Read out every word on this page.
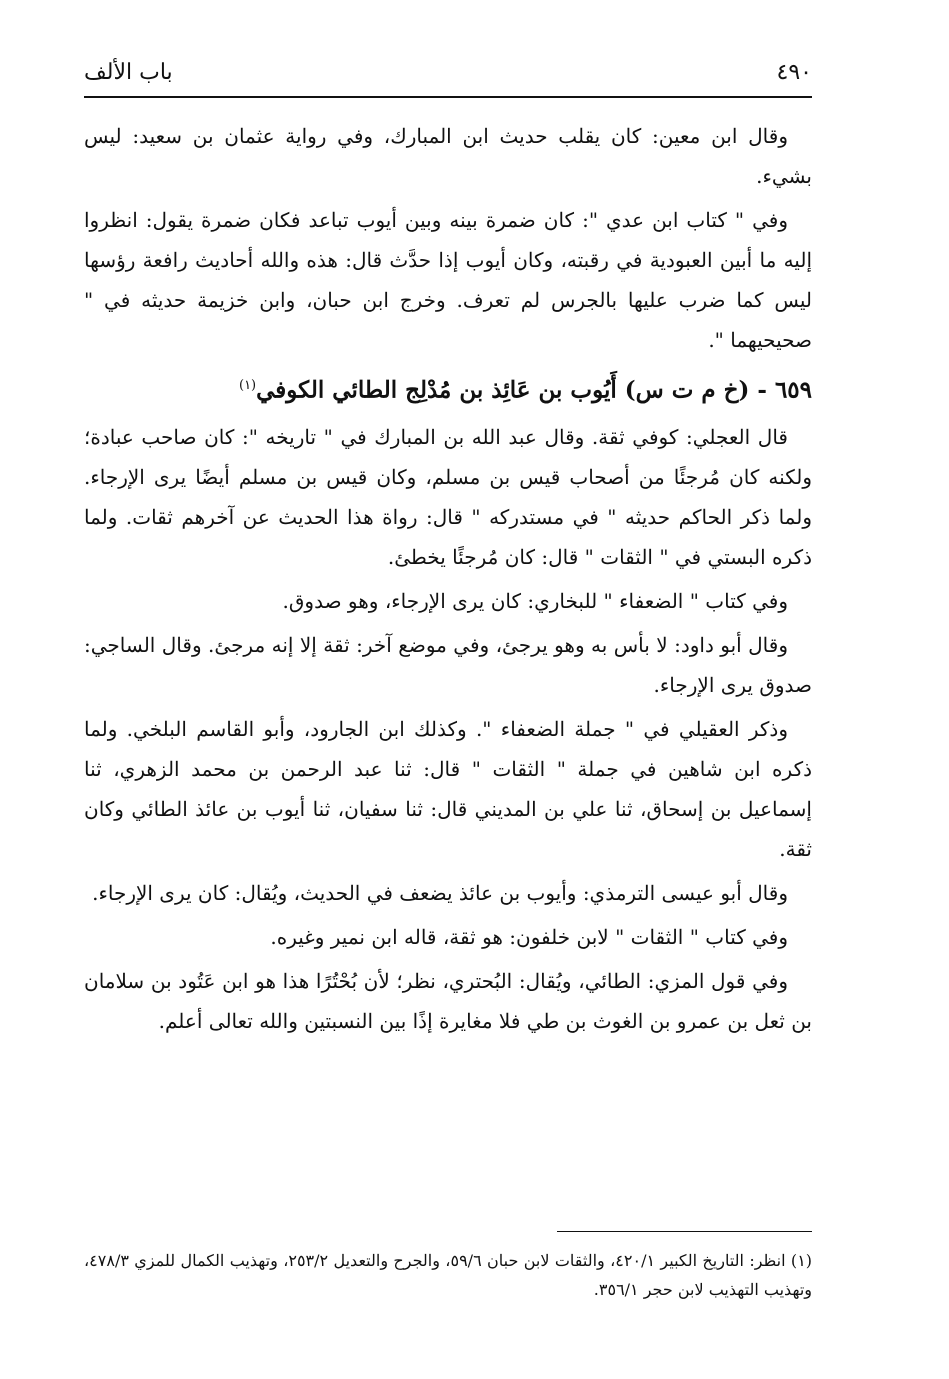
٤٩٠
باب الألف

وقال ابن معين: كان يقلب حديث ابن المبارك، وفي رواية عثمان بن سعيد: ليس بشيء.

وفي " كتاب ابن عدي ": كان ضمرة بينه وبين أيوب تباعد فكان ضمرة يقول: انظروا إليه ما أبين العبودية في رقبته، وكان أيوب إذا حدَّث قال: هذه والله أحاديث رافعة رؤسها ليس كما ضرب عليها بالجرس لم تعرف. وخرج ابن حبان، وابن خزيمة حديثه في " صحيحيهما ".

٦٥٩ - (خ م ت س) أَيُوب بن عَائِذ بن مُدْلِج الطائي الكوفي$^{(١)}$

قال العجلي: كوفي ثقة. وقال عبد الله بن المبارك في " تاريخه ": كان صاحب عبادة؛ ولكنه كان مُرجئًا من أصحاب قيس بن مسلم، وكان قيس بن مسلم أيضًا يرى الإرجاء. ولما ذكر الحاكم حديثه " في مستدركه " قال: رواة هذا الحديث عن آخرهم ثقات. ولما ذكره البستي في " الثقات " قال: كان مُرجئًا يخطئ.

وفي كتاب " الضعفاء " للبخاري: كان يرى الإرجاء، وهو صدوق.

وقال أبو داود: لا بأس به وهو يرجئ، وفي موضع آخر: ثقة إلا إنه مرجئ. وقال الساجي: صدوق يرى الإرجاء.

وذكر العقيلي في " جملة الضعفاء ". وكذلك ابن الجارود، وأبو القاسم البلخي. ولما ذكره ابن شاهين في جملة " الثقات " قال: ثنا عبد الرحمن بن محمد الزهري، ثنا إسماعيل بن إسحاق، ثنا علي بن المديني قال: ثنا سفيان، ثنا أيوب بن عائذ الطائي وكان ثقة.

وقال أبو عيسى الترمذي: وأيوب بن عائذ يضعف في الحديث، ويُقال: كان يرى الإرجاء.

وفي كتاب " الثقات " لابن خلفون: هو ثقة، قاله ابن نمير وغيره.

وفي قول المزي: الطائي، ويُقال: البُحتري، نظر؛ لأن بُحْتُرًا هذا هو ابن عَتُود بن سلامان بن ثعل بن عمرو بن الغوث بن طي فلا مغايرة إذًا بين النسبتين والله تعالى أعلم.

(١) انظر: التاريخ الكبير ٤٢٠/١، والثقات لابن حبان ٥٩/٦، والجرح والتعديل ٢٥٣/٢، وتهذيب الكمال للمزي ٤٧٨/٣، وتهذيب التهذيب لابن حجر ٣٥٦/١.
